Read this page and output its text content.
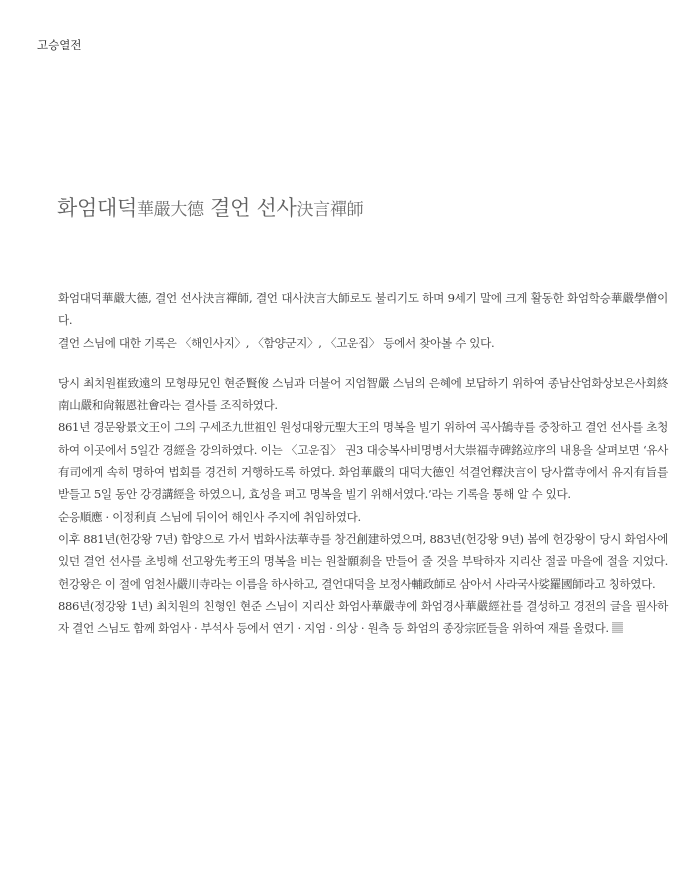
고승열전
화엄대덕華嚴大德 결언 선사決言禪師

화엄대덕華嚴大德, 결언 선사決言禪師, 결언 대사決言大師로도 불리기도 하며 9세기 말에 크게 활동한 화엄학승華嚴學僧이다.

결언 스님에 대한 기록은 〈해인사지〉, 〈함양군지〉, 〈고운집〉 등에서 찾아볼 수 있다.

당시 최치원崔致遠의 모형母兄인 현준賢俊 스님과 더불어 지엄智嚴 스님의 은혜에 보답하기 위하여 종남산엄화상보은사회終南山嚴和尙報恩社會라는 결사를 조직하였다.

861년 경문왕景文王이 그의 구세조九世祖인 원성대왕元聖大王의 명복을 빌기 위하여 곡사鵠寺를 중창하고 결언 선사를 초청하여 이곳에서 5일간 경經을 강의하였다. 이는 〈고운집〉 권3 대숭복사비명병서大崇福寺碑銘竝序의 내용을 살펴보면 ‘유사有司에게 속히 명하여 법회를 경건히 거행하도록 하였다. 화엄華嚴의 대덕大德인 석결언釋決言이 당사當寺에서 유지有旨를 받들고 5일 동안 강경講經을 하였으니, 효성을 펴고 명복을 빌기 위해서였다.’라는 기록을 통해 알 수 있다.

순응順應 · 이정利貞 스님에 뒤이어 해인사 주지에 취임하였다.

이후 881년(헌강왕 7년) 함양으로 가서 법화사法華寺를 창건創建하였으며, 883년(헌강왕 9년) 봄에 헌강왕이 당시 화엄사에 있던 결언 선사를 초빙해 선고왕先考王의 명복을 비는 원찰願刹을 만들어 줄 것을 부탁하자 지리산 절골 마을에 절을 지었다. 헌강왕은 이 절에 엄천사嚴川寺라는 이름을 하사하고, 결언대덕을 보정사輔政師로 삼아서 사라국사娑羅國師라고 칭하였다.

886년(정강왕 1년) 최치원의 친형인 현준 스님이 지리산 화엄사華嚴寺에 화엄경사華嚴經社를 결성하고 경전의 글을 필사하자 결언 스님도 함께 화엄사 · 부석사 등에서 연기 · 지엄 · 의상 · 원측 등 화엄의 종장宗匠들을 위하여 재를 올렸다.
